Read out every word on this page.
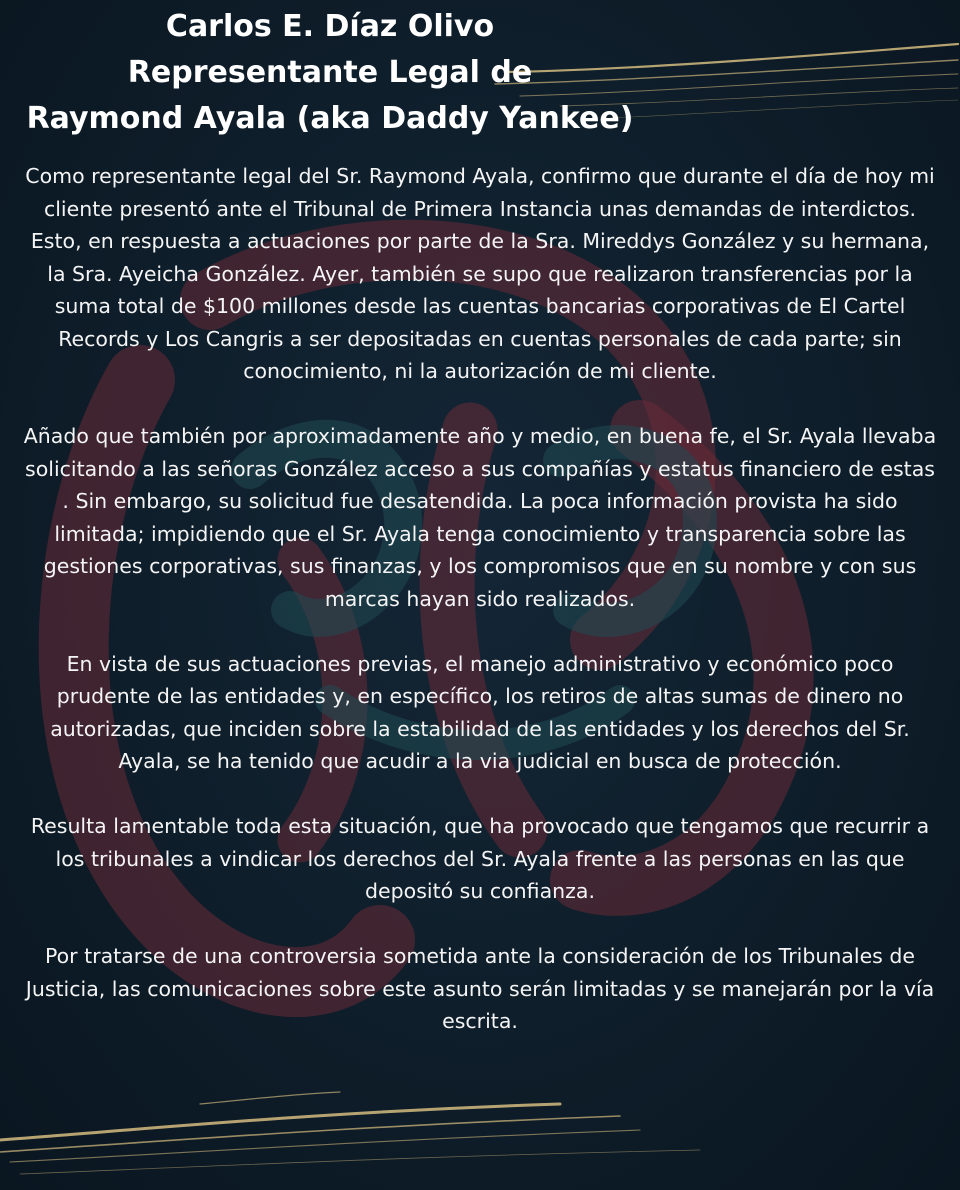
Carlos E. Díaz Olivo
Representante Legal de
Raymond Ayala (aka Daddy Yankee)

Como representante legal del Sr. Raymond Ayala, confirmo que durante el día de hoy mi cliente presentó ante el Tribunal de Primera Instancia unas demandas de interdictos. Esto, en respuesta a actuaciones por parte de la Sra. Mireddys González y su hermana, la Sra. Ayeicha González. Ayer, también se supo que realizaron transferencias por la suma total de $100 millones desde las cuentas bancarias corporativas de El Cartel Records y Los Cangris a ser depositadas en cuentas personales de cada parte; sin conocimiento, ni la autorización de mi cliente.

Añado que también por aproximadamente año y medio, en buena fe, el Sr. Ayala llevaba solicitando a las señoras González acceso a sus compañías y estatus financiero de estas . Sin embargo, su solicitud fue desatendida. La poca información provista ha sido limitada; impidiendo que el Sr. Ayala tenga conocimiento y transparencia sobre las gestiones corporativas, sus finanzas, y los compromisos que en su nombre y con sus marcas hayan sido realizados.

En vista de sus actuaciones previas, el manejo administrativo y económico poco prudente de las entidades y, en específico, los retiros de altas sumas de dinero no autorizadas, que inciden sobre la estabilidad de las entidades y los derechos del Sr. Ayala, se ha tenido que acudir a la via judicial en busca de protección.

Resulta lamentable toda esta situación, que ha provocado que tengamos que recurrir a los tribunales a vindicar los derechos del Sr. Ayala frente a las personas en las que depositó su confianza.

Por tratarse de una controversia sometida ante la consideración de los Tribunales de Justicia, las comunicaciones sobre este asunto serán limitadas y se manejarán por la vía escrita.
